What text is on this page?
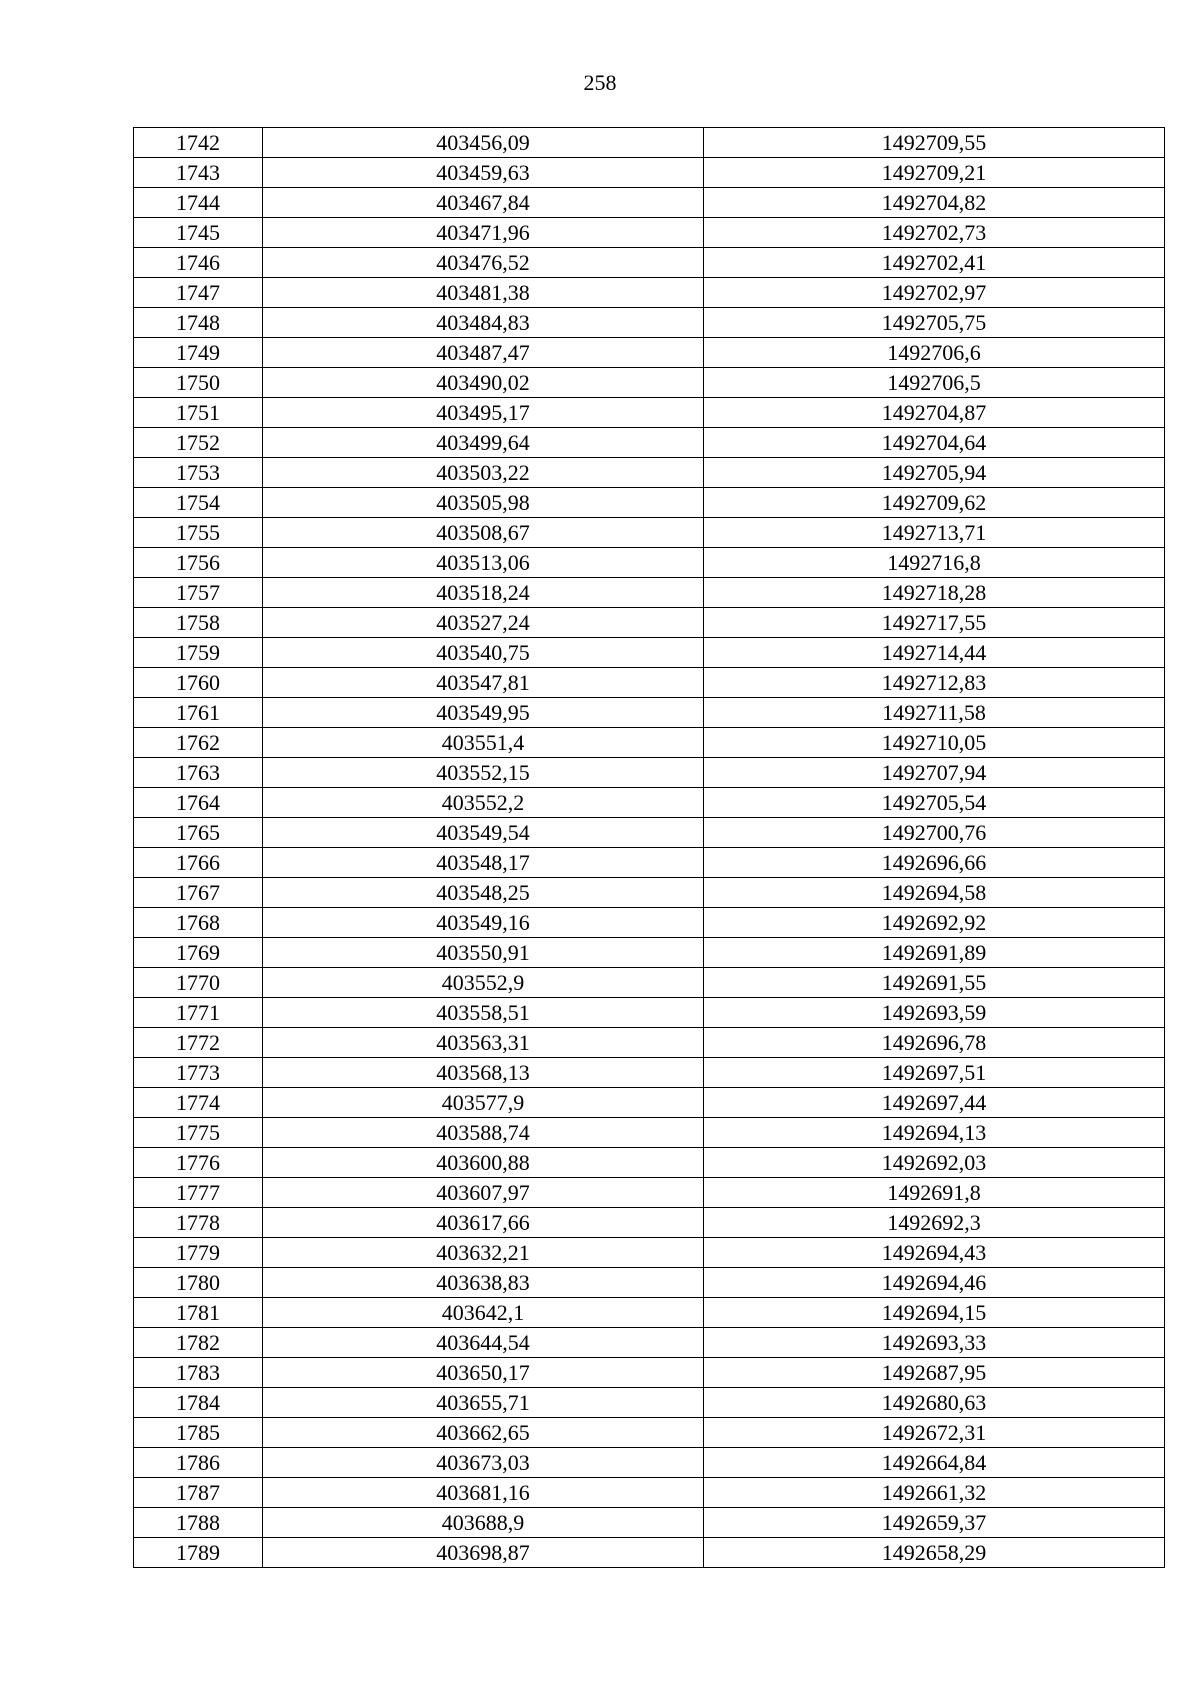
258
1742	403456,09	1492709,55
1743	403459,63	1492709,21
1744	403467,84	1492704,82
1745	403471,96	1492702,73
1746	403476,52	1492702,41
1747	403481,38	1492702,97
1748	403484,83	1492705,75
1749	403487,47	1492706,6
1750	403490,02	1492706,5
1751	403495,17	1492704,87
1752	403499,64	1492704,64
1753	403503,22	1492705,94
1754	403505,98	1492709,62
1755	403508,67	1492713,71
1756	403513,06	1492716,8
1757	403518,24	1492718,28
1758	403527,24	1492717,55
1759	403540,75	1492714,44
1760	403547,81	1492712,83
1761	403549,95	1492711,58
1762	403551,4	1492710,05
1763	403552,15	1492707,94
1764	403552,2	1492705,54
1765	403549,54	1492700,76
1766	403548,17	1492696,66
1767	403548,25	1492694,58
1768	403549,16	1492692,92
1769	403550,91	1492691,89
1770	403552,9	1492691,55
1771	403558,51	1492693,59
1772	403563,31	1492696,78
1773	403568,13	1492697,51
1774	403577,9	1492697,44
1775	403588,74	1492694,13
1776	403600,88	1492692,03
1777	403607,97	1492691,8
1778	403617,66	1492692,3
1779	403632,21	1492694,43
1780	403638,83	1492694,46
1781	403642,1	1492694,15
1782	403644,54	1492693,33
1783	403650,17	1492687,95
1784	403655,71	1492680,63
1785	403662,65	1492672,31
1786	403673,03	1492664,84
1787	403681,16	1492661,32
1788	403688,9	1492659,37
1789	403698,87	1492658,29
